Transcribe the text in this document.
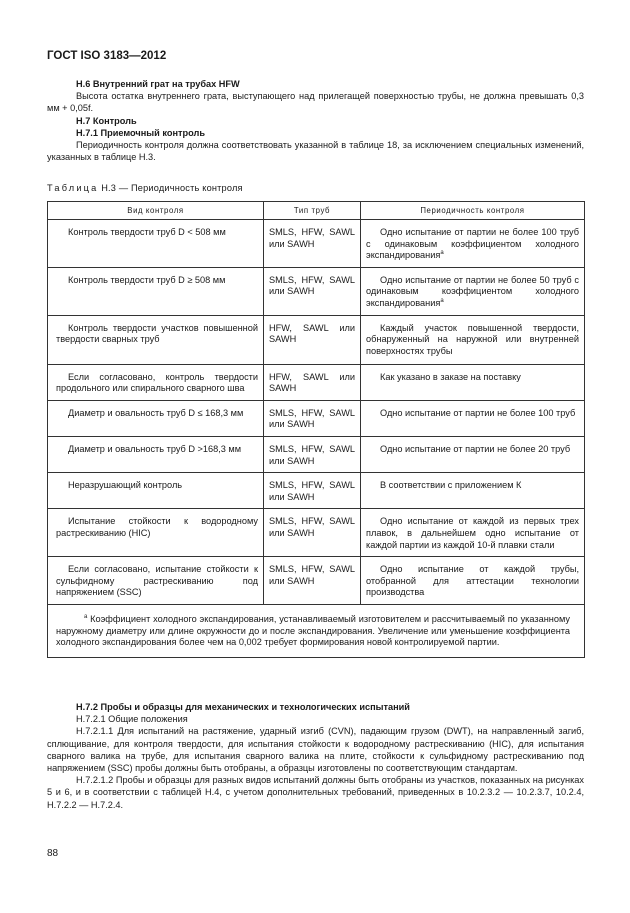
ГОСТ ISO 3183—2012

Н.6 Внутренний грат на трубах HFW

Высота остатка внутреннего грата, выступающего над прилегащей поверхностью трубы, не должна превышать 0,3 мм + 0,05f.

Н.7 Контроль

Н.7.1 Приемочный контроль

Периодичность контроля должна соответствовать указанной в таблице 18, за исключением специальных изменений, указанных в таблице Н.3.

Таблица Н.3 — Периодичность контроля
Вид контроля	Тип труб	Периодичность контроля

Контроль твердости труб D < 508 мм	SMLS, HFW, SAWL или SAWH	Одно испытание от партии не более 100 труб с одинаковым коэффициентом холодного экспандирования$^а$

Контроль твердости труб D ≥ 508 мм	SMLS, HFW, SAWL или SAWH	Одно испытание от партии не более 50 труб с одинаковым коэффициентом холодного экспандирования$^а$

Контроль твердости участков повышенной твердости сварных труб	HFW, SAWL или SAWH	Каждый участок повышенной твердости, обнаруженный на наружной или внутренней поверхностях трубы

Если согласовано, контроль твердости продольного или спирального сварного шва	HFW, SAWL или SAWH	Как указано в заказе на поставку

Диаметр и овальность труб D ≤ 168,3 мм	SMLS, HFW, SAWL или SAWH	Одно испытание от партии не более 100 труб

Диаметр и овальность труб D >168,3 мм	SMLS, HFW, SAWL или SAWH	Одно испытание от партии не более 20 труб

Неразрушающий контроль	SMLS, HFW, SAWL или SAWH	В соответствии с приложением К

Испытание стойкости к водородному растрескиванию (HIC)	SMLS, HFW, SAWL или SAWH	Одно испытание от каждой из первых трех плавок, в дальнейшем одно испытание от каждой партии из каждой 10-й плавки стали

Если согласовано, испытание стойкости к сульфидному растрескиванию под напряжением (SSC)	SMLS, HFW, SAWL или SAWH	Одно испытание от каждой трубы, отобранной для аттестации технологии производства

$^а$ Коэффициент холодного экспандирования, устанавливаемый изготовителем и рассчитываемый по указанному наружному диаметру или длине окружности до и после экспандирования. Увеличение или уменьшение коэффициента холодного экспандирования более чем на 0,002 требует формирования новой контролируемой партии.		

Н.7.2 Пробы и образцы для механических и технологических испытаний

Н.7.2.1 Общие положения

Н.7.2.1.1 Для испытаний на растяжение, ударный изгиб (CVN), падающим грузом (DWT), на направленный загиб, сплющивание, для контроля твердости, для испытания стойкости к водородному растрескиванию (HIC), для испытания сварного валика на трубе, для испытания сварного валика на плите, стойкости к сульфидному растрескиванию под напряжением (SSC) пробы должны быть отобраны, а образцы изготовлены по соответствующим стандартам.

Н.7.2.1.2 Пробы и образцы для разных видов испытаний должны быть отобраны из участков, показанных на рисунках 5 и 6, и в соответствии с таблицей Н.4, с учетом дополнительных требований, приведенных в 10.2.3.2 — 10.2.3.7, 10.2.4, Н.7.2.2 — Н.7.2.4.

88
